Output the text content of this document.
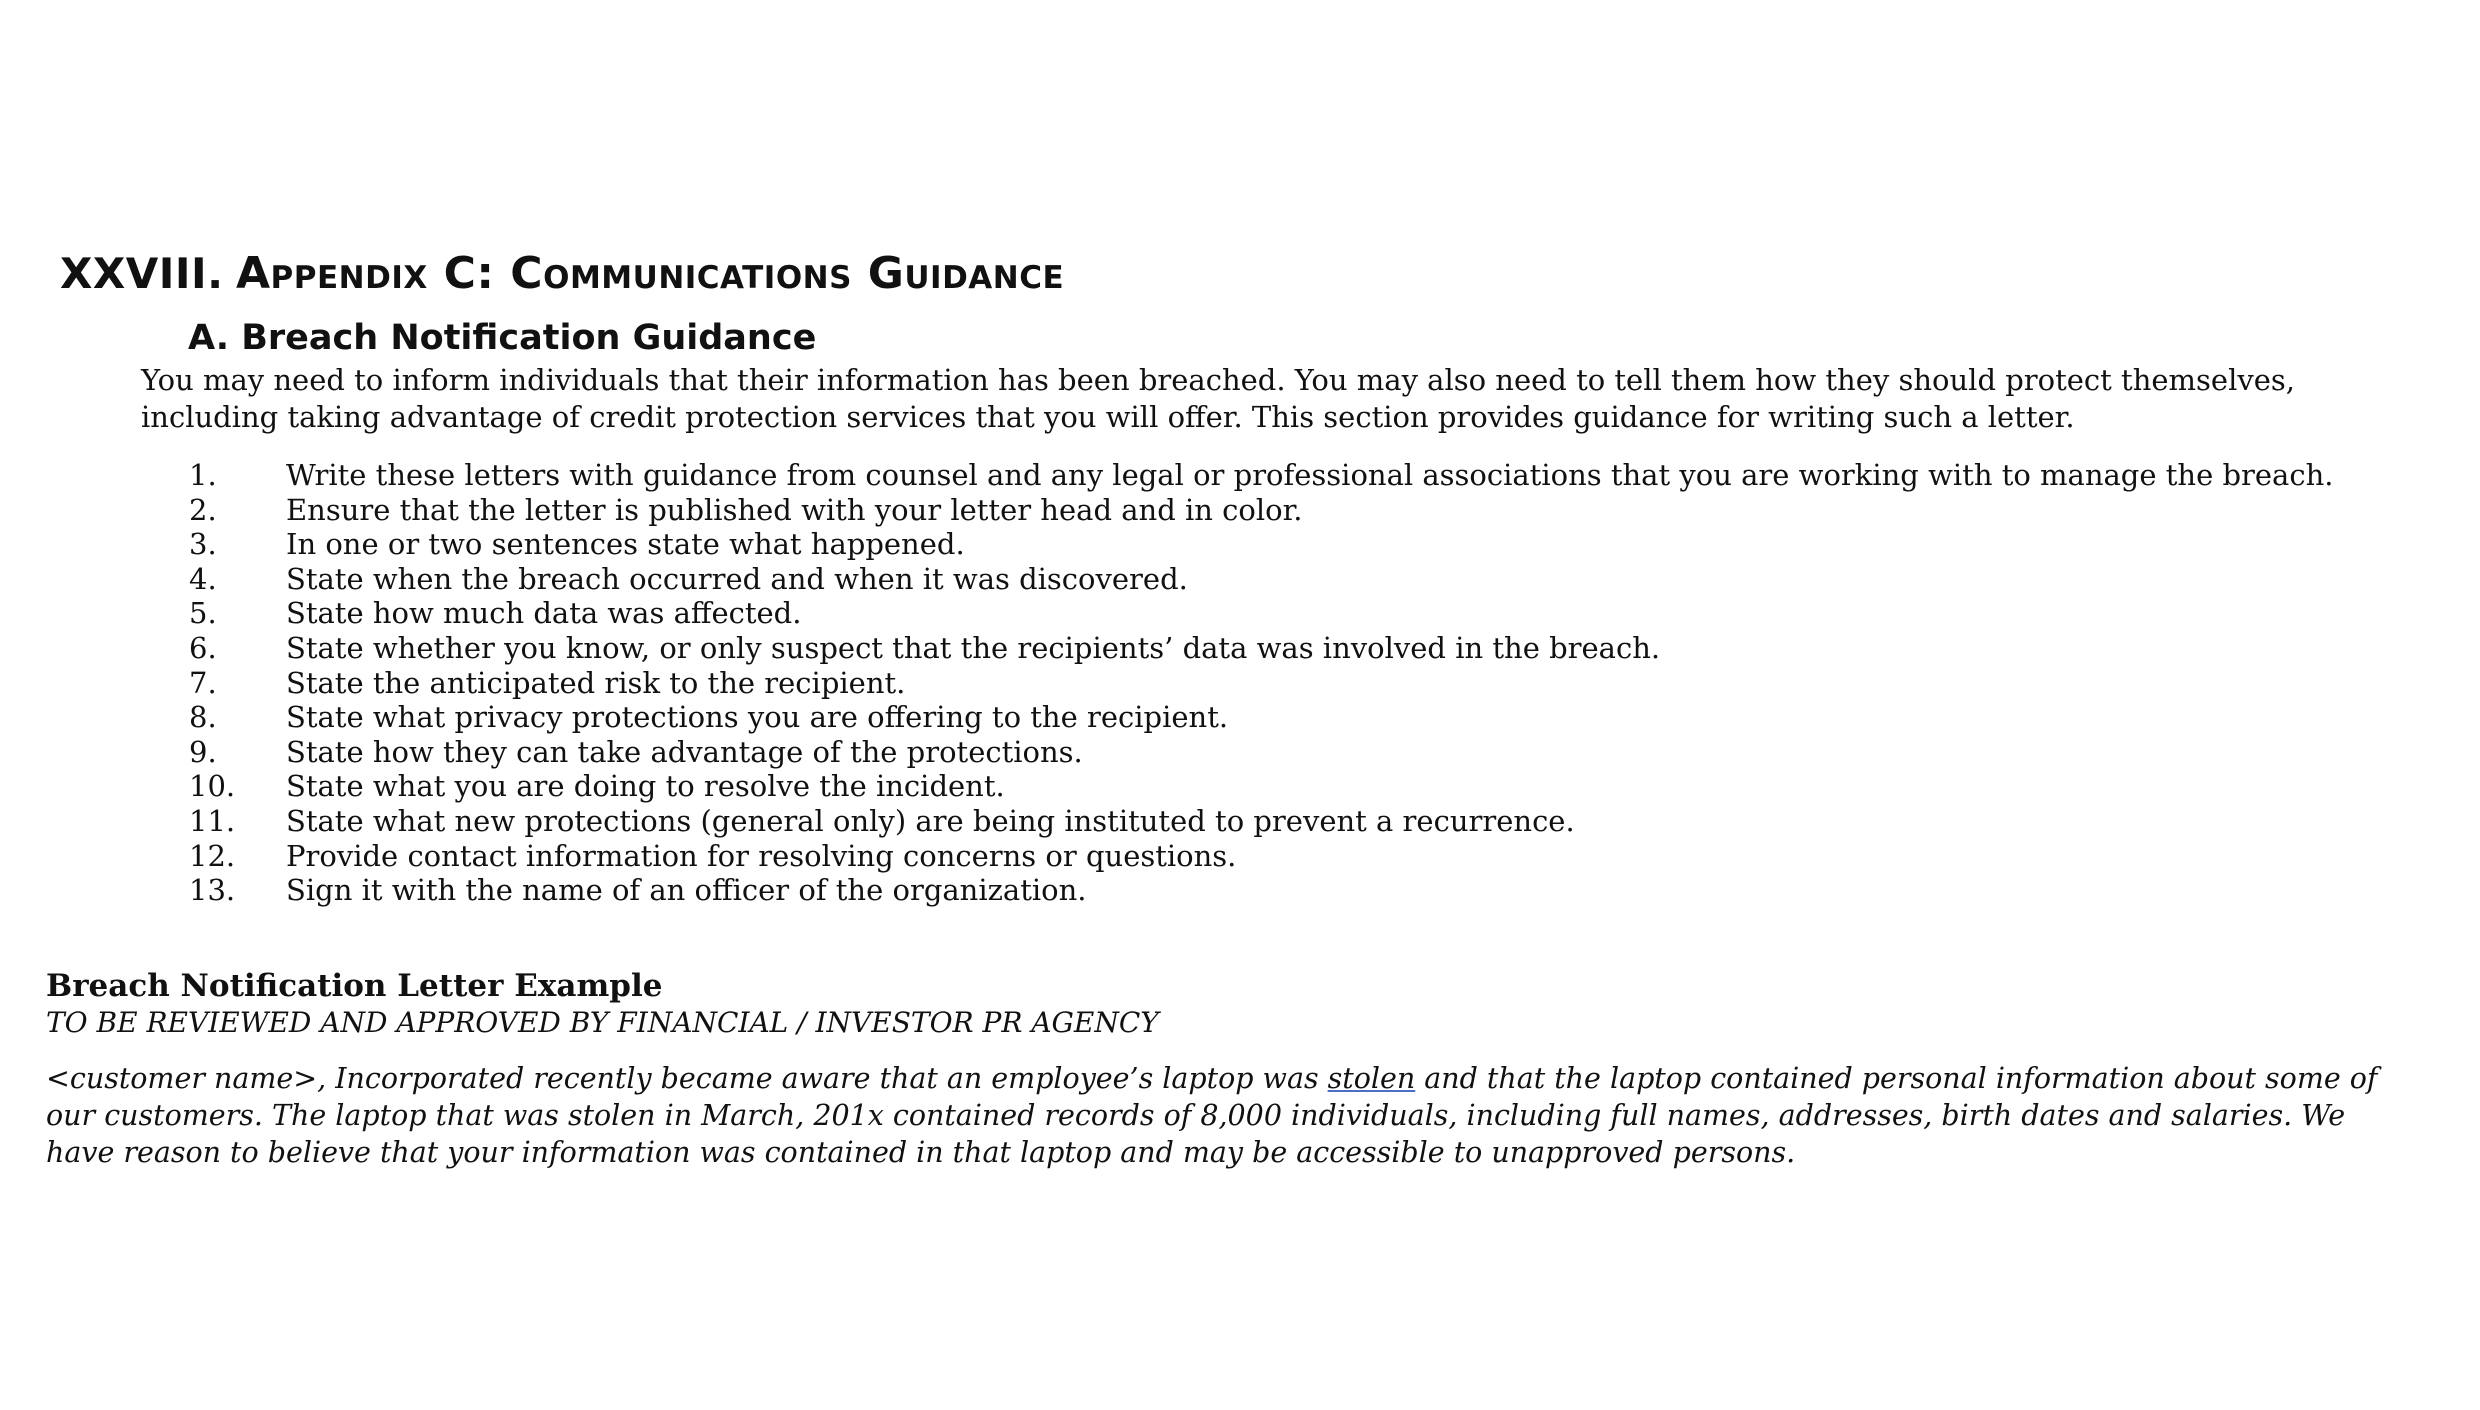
XXVIII. Appendix C: Communications Guidance
A. Breach Notification Guidance

You may need to inform individuals that their information has been breached. You may also need to tell them how they should protect themselves, including taking advantage of credit protection services that you will offer. This section provides guidance for writing such a letter.

1.	Write these letters with guidance from counsel and any legal or professional associations that you are working with to manage the breach.
2.	Ensure that the letter is published with your letter head and in color.
3.	In one or two sentences state what happened.
4.	State when the breach occurred and when it was discovered.
5.	State how much data was affected.
6.	State whether you know, or only suspect that the recipients’ data was involved in the breach.
7.	State the anticipated risk to the recipient.
8.	State what privacy protections you are offering to the recipient.
9.	State how they can take advantage of the protections.
10.	State what you are doing to resolve the incident.
11.	State what new protections (general only) are being instituted to prevent a recurrence.
12.	Provide contact information for resolving concerns or questions.
13.	Sign it with the name of an officer of the organization.
Breach Notification Letter Example
TO BE REVIEWED AND APPROVED BY FINANCIAL / INVESTOR PR AGENCY

<customer name>, Incorporated recently became aware that an employee’s laptop was stolen and that the laptop contained personal information about some of our customers. The laptop that was stolen in March, 201x contained records of 8,000 individuals, including full names, addresses, birth dates and salaries. We have reason to believe that your information was contained in that laptop and may be accessible to unapproved persons.
